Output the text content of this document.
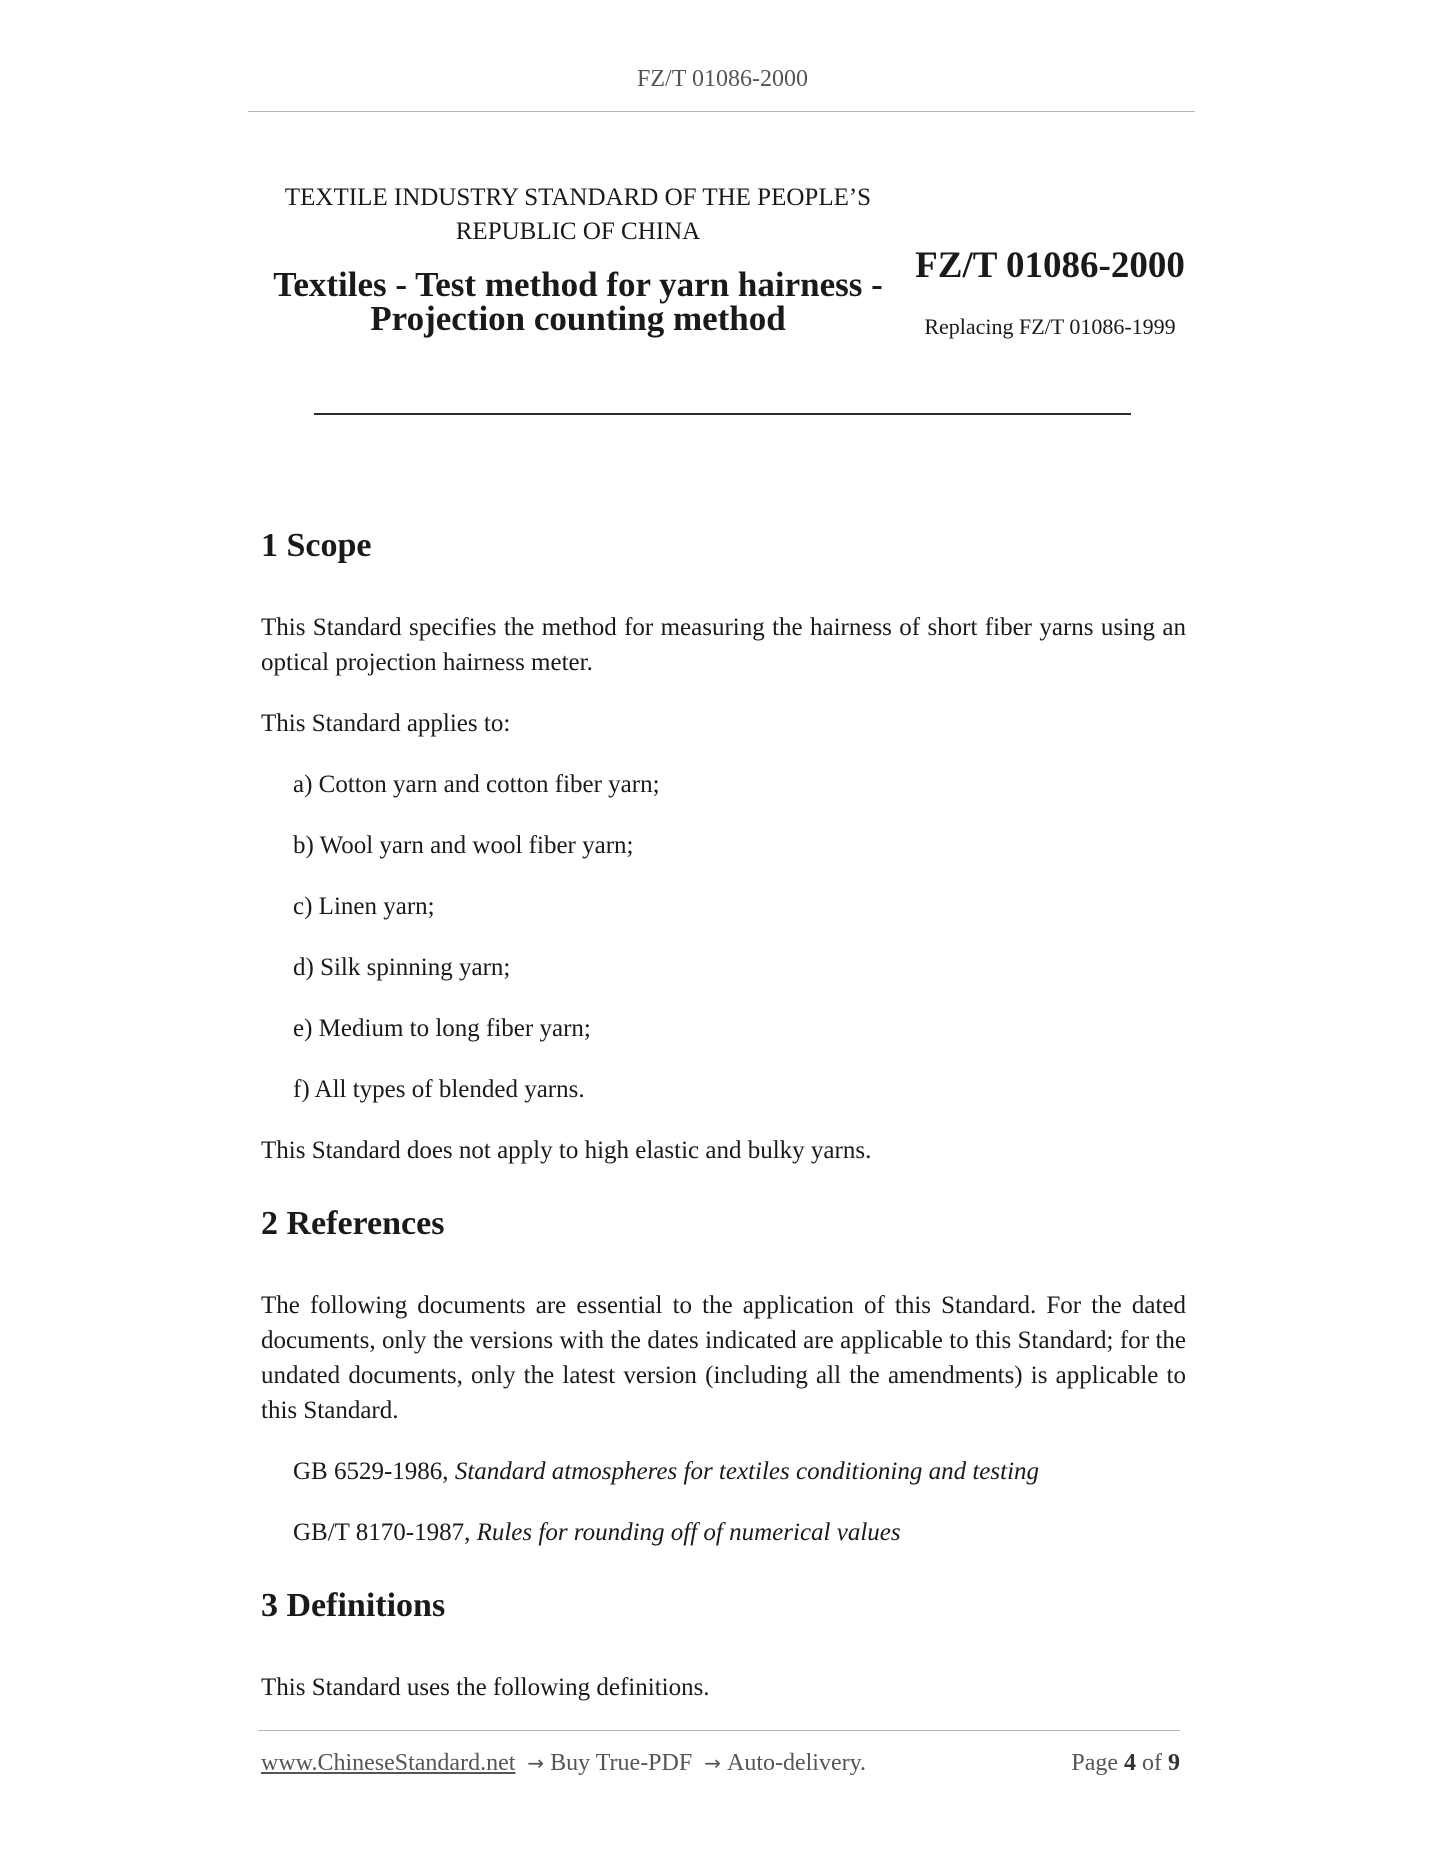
FZ/T 01086-2000
TEXTILE INDUSTRY STANDARD OF THE PEOPLE’S
REPUBLIC OF CHINA
Textiles - Test method for yarn hairness -
Projection counting method
FZ/T 01086-2000
Replacing FZ/T 01086-1999
1 Scope

This Standard specifies the method for measuring the hairness of short fiber yarns using an optical projection hairness meter.

This Standard applies to:

a) Cotton yarn and cotton fiber yarn;

b) Wool yarn and wool fiber yarn;

c) Linen yarn;

d) Silk spinning yarn;

e) Medium to long fiber yarn;

f) All types of blended yarns.

This Standard does not apply to high elastic and bulky yarns.

2 References

The following documents are essential to the application of this Standard. For the dated documents, only the versions with the dates indicated are applicable to this Standard; for the undated documents, only the latest version (including all the amendments) is applicable to this Standard.

GB 6529-1986, Standard atmospheres for textiles conditioning and testing

GB/T 8170-1987, Rules for rounding off of numerical values

3 Definitions

This Standard uses the following definitions.

www.ChineseStandard.net → Buy True-PDF → Auto-delivery.	Page 4 of 9
